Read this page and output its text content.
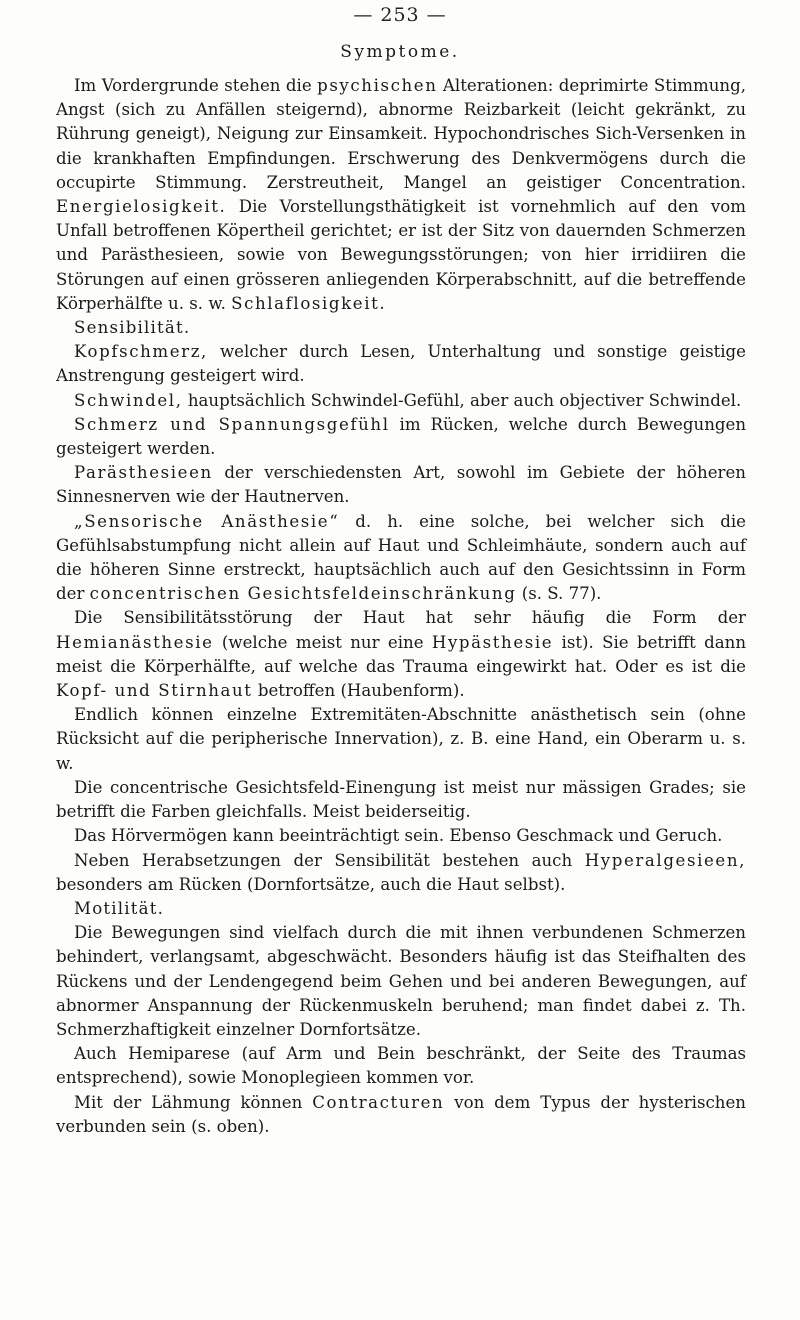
— 253 —
Symptome.

Im Vordergrunde stehen die psychischen Alterationen: deprimirte Stimmung, Angst (sich zu Anfällen steigernd), abnorme Reizbarkeit (leicht gekränkt, zu Rührung geneigt), Neigung zur Einsamkeit. Hypochondrisches Sich-Versenken in die krankhaften Empfindungen. Erschwerung des Denkvermögens durch die occupirte Stimmung. Zerstreutheit, Mangel an geistiger Concentration. Energielosigkeit. Die Vorstellungsthätigkeit ist vornehmlich auf den vom Unfall betroffenen Köpertheil gerichtet; er ist der Sitz von dauernden Schmerzen und Parästhesieen, sowie von Bewegungsstörungen; von hier irridiiren die Störungen auf einen grösseren anliegenden Körperabschnitt, auf die betreffende Körperhälfte u. s. w. Schlaflosigkeit.

Sensibilität.

Kopfschmerz, welcher durch Lesen, Unterhaltung und sonstige geistige Anstrengung gesteigert wird.

Schwindel, hauptsächlich Schwindel-Gefühl, aber auch objectiver Schwindel.

Schmerz und Spannungsgefühl im Rücken, welche durch Bewegungen gesteigert werden.

Parästhesieen der verschiedensten Art, sowohl im Gebiete der höheren Sinnesnerven wie der Hautnerven.

„Sensorische Anästhesie“ d. h. eine solche, bei welcher sich die Gefühlsabstumpfung nicht allein auf Haut und Schleimhäute, sondern auch auf die höheren Sinne erstreckt, hauptsächlich auch auf den Gesichtssinn in Form der concentrischen Gesichtsfeldeinschränkung (s. S. 77).

Die Sensibilitätsstörung der Haut hat sehr häufig die Form der Hemianästhesie (welche meist nur eine Hypästhesie ist). Sie betrifft dann meist die Körperhälfte, auf welche das Trauma eingewirkt hat. Oder es ist die Kopf- und Stirnhaut betroffen (Haubenform).

Endlich können einzelne Extremitäten-Abschnitte anästhetisch sein (ohne Rücksicht auf die peripherische Innervation), z. B. eine Hand, ein Oberarm u. s. w.

Die concentrische Gesichtsfeld-Einengung ist meist nur mässigen Grades; sie betrifft die Farben gleichfalls. Meist beiderseitig.

Das Hörvermögen kann beeinträchtigt sein. Ebenso Geschmack und Geruch.

Neben Herabsetzungen der Sensibilität bestehen auch Hyperalgesieen, besonders am Rücken (Dornfortsätze, auch die Haut selbst).

Motilität.

Die Bewegungen sind vielfach durch die mit ihnen verbundenen Schmerzen behindert, verlangsamt, abgeschwächt. Besonders häufig ist das Steifhalten des Rückens und der Lendengegend beim Gehen und bei anderen Bewegungen, auf abnormer Anspannung der Rückenmuskeln beruhend; man findet dabei z. Th. Schmerzhaftigkeit einzelner Dornfortsätze.

Auch Hemiparese (auf Arm und Bein beschränkt, der Seite des Traumas entsprechend), sowie Monoplegieen kommen vor.

Mit der Lähmung können Contracturen von dem Typus der hysterischen verbunden sein (s. oben).
